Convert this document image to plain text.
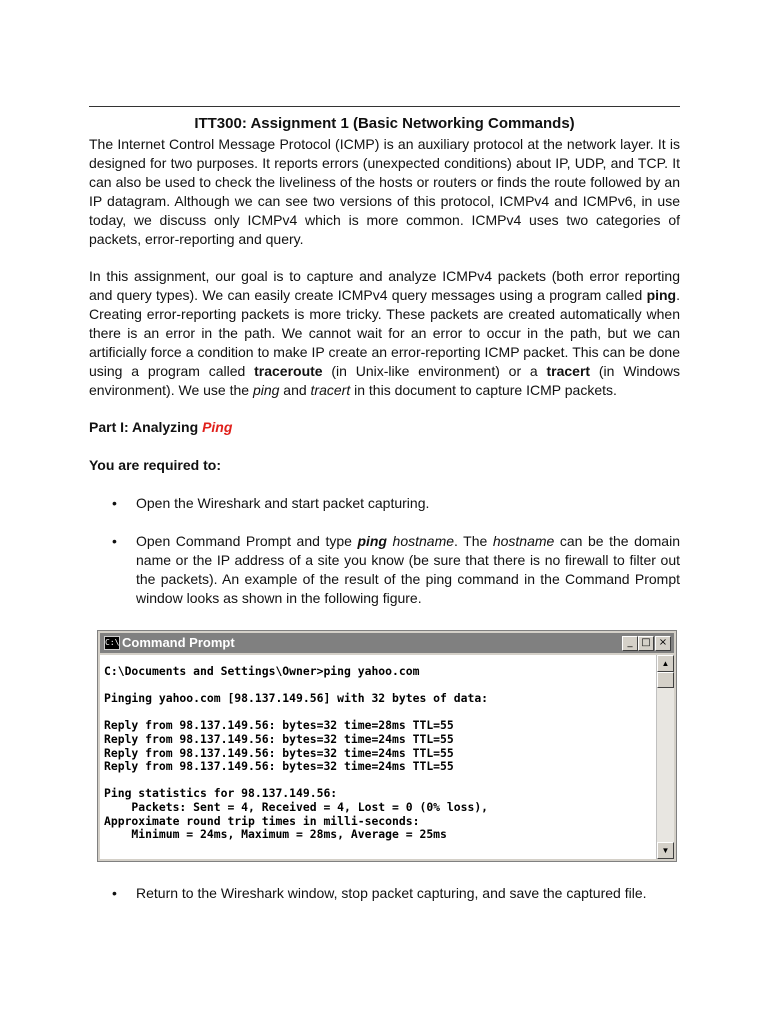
ITT300: Assignment 1 (Basic Networking Commands)
The Internet Control Message Protocol (ICMP) is an auxiliary protocol at the network layer. It is designed for two purposes. It reports errors (unexpected conditions) about IP, UDP, and TCP. It can also be used to check the liveliness of the hosts or routers or finds the route followed by an IP datagram. Although we can see two versions of this protocol, ICMPv4 and ICMPv6, in use today, we discuss only ICMPv4 which is more common. ICMPv4 uses two categories of packets, error-reporting and query.
In this assignment, our goal is to capture and analyze ICMPv4 packets (both error reporting and query types). We can easily create ICMPv4 query messages using a program called ping. Creating error-reporting packets is more tricky. These packets are created automatically when there is an error in the path. We cannot wait for an error to occur in the path, but we can artificially force a condition to make IP create an error-reporting ICMP packet. This can be done using a program called traceroute (in Unix-like environment) or a tracert (in Windows environment). We use the ping and tracert in this document to capture ICMP packets.
Part I: Analyzing Ping
You are required to:
• Open the Wireshark and start packet capturing.
• Open Command Prompt and type ping hostname. The hostname can be the domain name or the IP address of a site you know (be sure that there is no firewall to filter out the packets). An example of the result of the ping command in the Command Prompt window looks as shown in the following figure.
C:\ Command Prompt	_ □ ×
C:\Documents and Settings\Owner>ping yahoo.com

Pinging yahoo.com [98.137.149.56] with 32 bytes of data:

Reply from 98.137.149.56: bytes=32 time=28ms TTL=55
Reply from 98.137.149.56: bytes=32 time=24ms TTL=55
Reply from 98.137.149.56: bytes=32 time=24ms TTL=55
Reply from 98.137.149.56: bytes=32 time=24ms TTL=55

Ping statistics for 98.137.149.56:
Packets: Sent = 4, Received = 4, Lost = 0 (0% loss),
Approximate round trip times in milli-seconds:
Minimum = 24ms, Maximum = 28ms, Average = 25ms
▲
▼
• Return to the Wireshark window, stop packet capturing, and save the captured file.
